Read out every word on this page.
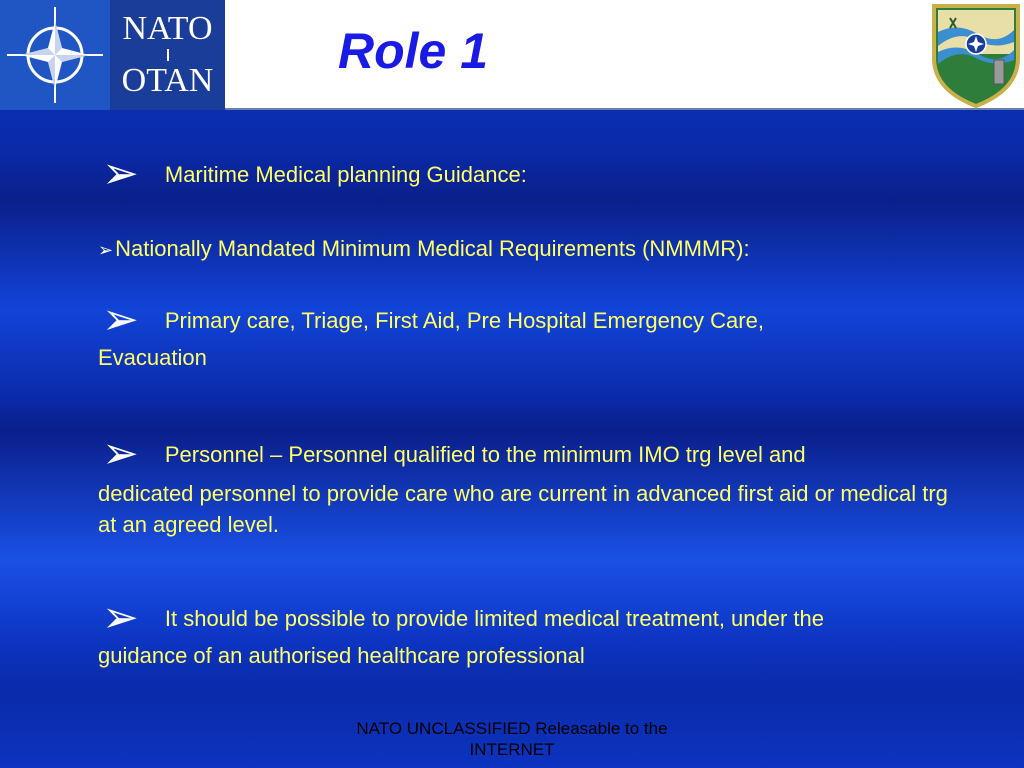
NATO
OTAN
Role 1
➢ Maritime Medical planning Guidance:
➢Nationally Mandated Minimum Medical Requirements (NMMMR):
➢ Primary care, Triage, First Aid, Pre Hospital Emergency Care,
Evacuation
➢ Personnel – Personnel qualified to the minimum IMO trg level and
dedicated personnel to provide care who are current in advanced first aid or medical trg at an agreed level.
➢ It should be possible to provide limited medical treatment, under the
guidance of an authorised healthcare professional
NATO UNCLASSIFIED Releasable to the
INTERNET
